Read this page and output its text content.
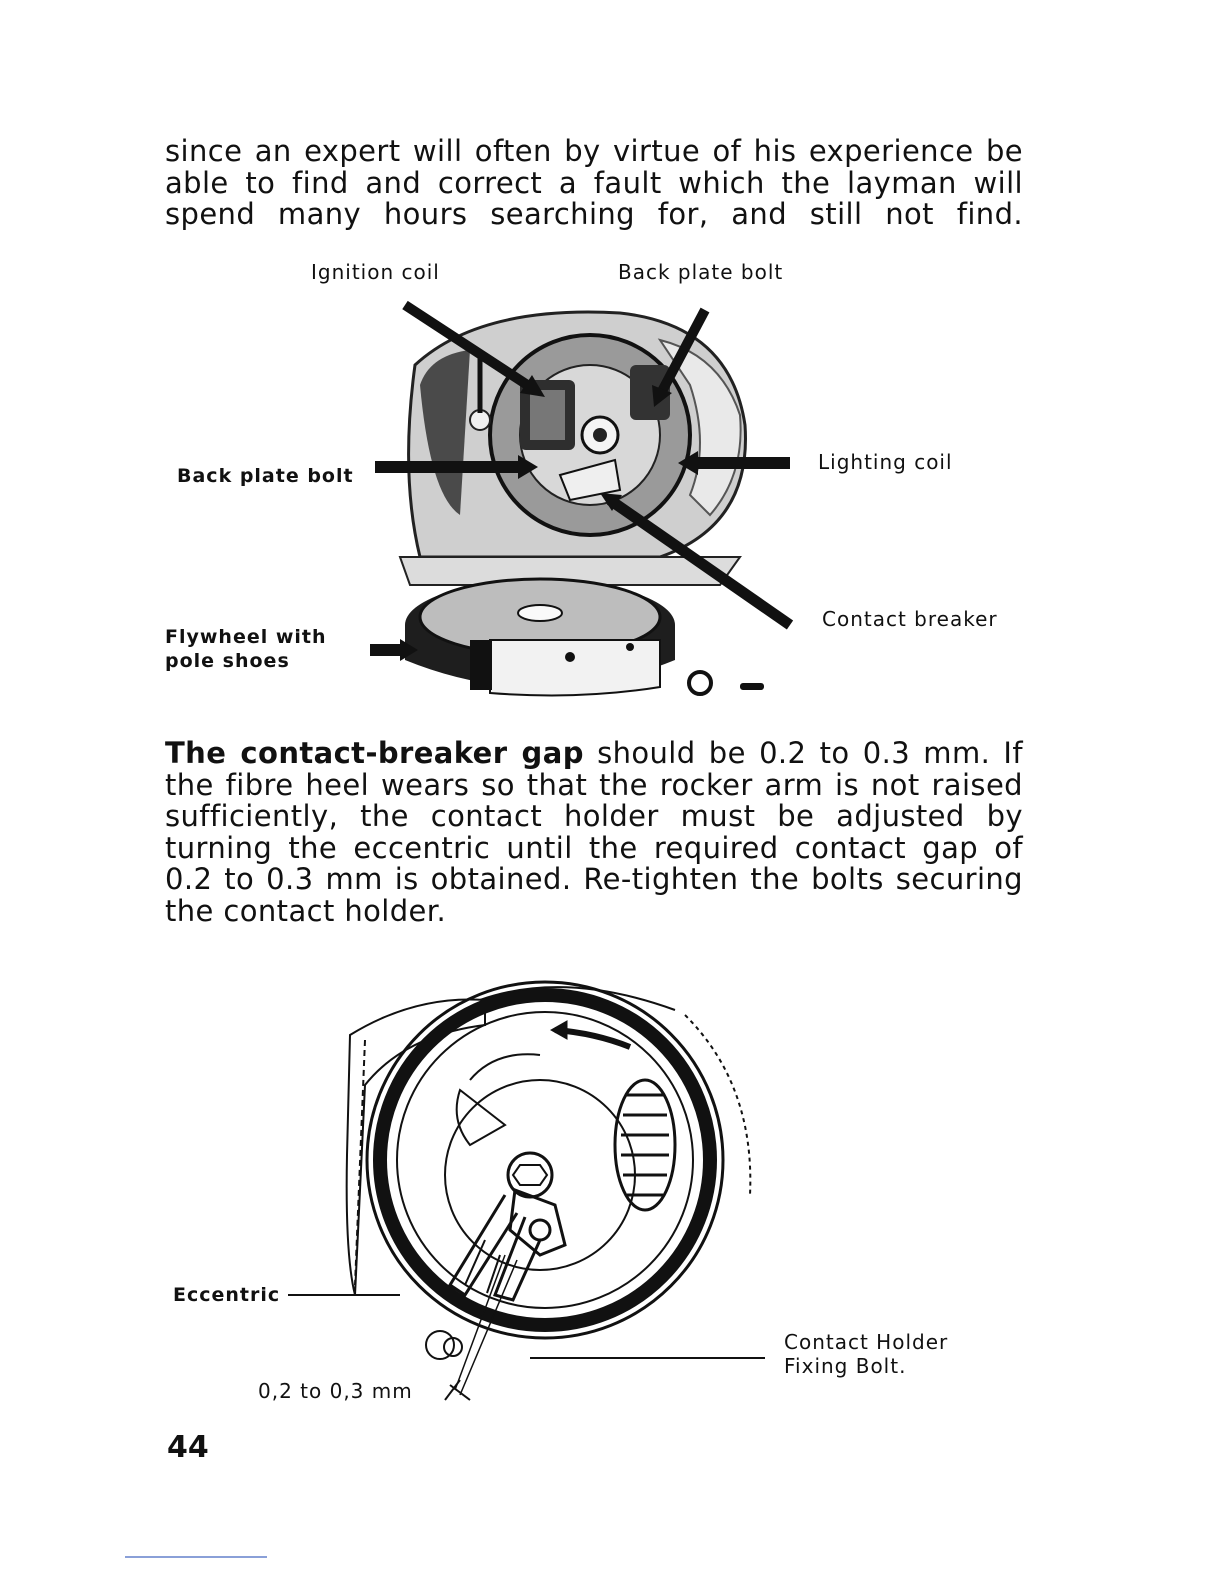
since an expert will often by virtue of his experience be able to find and correct a fault which the layman will spend many hours searching for, and still not find.
Ignition coil	Back plate bolt
Back plate bolt
Lighting coil
Contact breaker
Flywheel with
pole shoes
The contact-breaker gap should be 0.2 to 0.3 mm. If the fibre heel wears so that the rocker arm is not raised sufficiently, the contact holder must be adjusted by turning the eccentric until the required contact gap of 0.2 to 0.3 mm is obtained. Re-tighten the bolts securing the contact holder.
Eccentric
0,2 to 0,3 mm
Contact Holder
Fixing Bolt.
44
